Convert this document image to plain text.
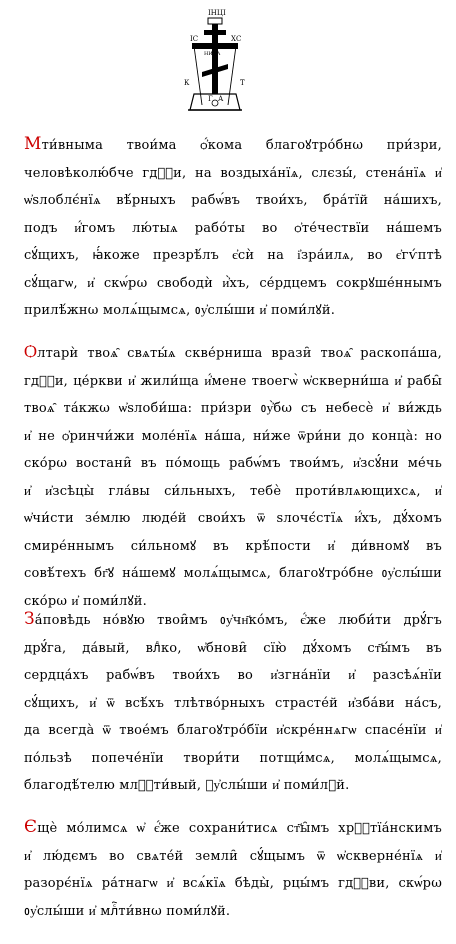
ІНЦІ
ІС	ХС
НИКА
К	Т
Г А
Мти́вныма твои́ма ѻ҆́кома благоꙋтро́бнω при́зри,
человѣколю́бче гдⷭ҇и, на воздыха́нїѧ, слєзы́, стена́нїѧ и҆
ѡ҆ѕлоблє́нїѧ вѣ́рныхъ рабѡ́въ твои́хъ, бра́тїй на́шихъ,
подъ и҆́гомъ лю́тыѧ рабо́ты во ѻ҆те́чествїи на́шемъ
сꙋ́щихъ, ꙗ҆́коже презрѣ́лъ є҆сѝ на і҆зра́илѧ, во є҆гѵ́птѣ
сꙋ́щагѡ, и҆ скѡ́рω свободѝ и҆̀хъ, се́рдцемъ сокрꙋше́ннымъ
прилѣ́жнω молѧ́щымсѧ, ᲂу҆слы́ши и҆ поми́лꙋй.
Ѻлтарѝ твоѧ̑ свѧты́ѧ скве́рниша врази̑ твоѧ̑ раскопа́ша,
гдⷭ҇и, це́ркви и҆ жили́ща и҆́мене твоегѡ̀ ѡ҆скверни́ша и҆ рабы̑
твоѧ̑ та́кжω ѡ҆ѕлоби́ша: при́зри ᲂу҆̀бω съ небесѐ и҆ ви́ждь
и҆ не ѻ҆ринчи́жи моле́нїѧ на́ша, ни́же ѿри́ни до конца̀: но
ско́рω востани̑ въ по́мощь рабѡ́мъ твои́мъ, и҆зсꙋ́ни ме́чь
и҆ и҆зсѣцы̀ гла́вы си́льныхъ, тебѐ проти́влѧющихсѧ, и҆
ѡ҆чи́сти зе́млю люде́й свои́хъ ѿ ѕлочє́стїѧ и҆́хъ, дꙋ́хомъ
смире́ннымъ си́льномꙋ въ крѣ́пости и҆ ди́вномꙋ въ
совѣ́техъ бг҃ꙋ на́шемꙋ молѧ́щымсѧ, благоꙋтро́бне ᲂу҆слы́ши
ско́рω и҆ поми́лꙋй.
За́повѣдь но́вꙋю твои̑мъ ᲂу҆чн҃ко́мъ, є҆́же люби́ти дрꙋ́гъ
дрꙋ́га, да́вый, влⷣко, ѡ҆бнови̑ сїю̀ дꙋ́хомъ ст҃ы́мъ въ
сердца́хъ рабѡ́въ твои́хъ во и҆згна́нїи и҆ разсѣѧ́нїи
сꙋ́щихъ, и҆ ѿ всѣ́хъ тлѣтво́рныхъ страсте́й и҆зба́ви на́съ,
да всегда̀ ѿ твое́мъ благоꙋтро́бїи и҆скре́ннѧгѡ спасе́нїи и҆
по́льзѣ попече́нїи твори́ти потщи́мсѧ, молѧ́щымсѧ,
благодѣ́телю млⷭ҇ти́вый, ᲂу҆слы́ши и҆ поми́лꙋй.
Єщѐ мо́лимсѧ ѡ҆ є҆́же сохрани́тисѧ ст҃ы̑мъ хрⷭ҇тїа́нскимъ
и҆ лю́дємъ во свѧте́й земли̑ сꙋ́щымъ ѿ ѡ҆скверне́нїѧ и҆
разорє́нїѧ ра́тнагѡ и҆ всѧ́кїѧ бѣды̀, рцы́мъ гдⷭ҇ви, скѡ́рω
ᲂу҆слы́ши и҆ млⷭ҇ти́внω поми́лꙋй.
